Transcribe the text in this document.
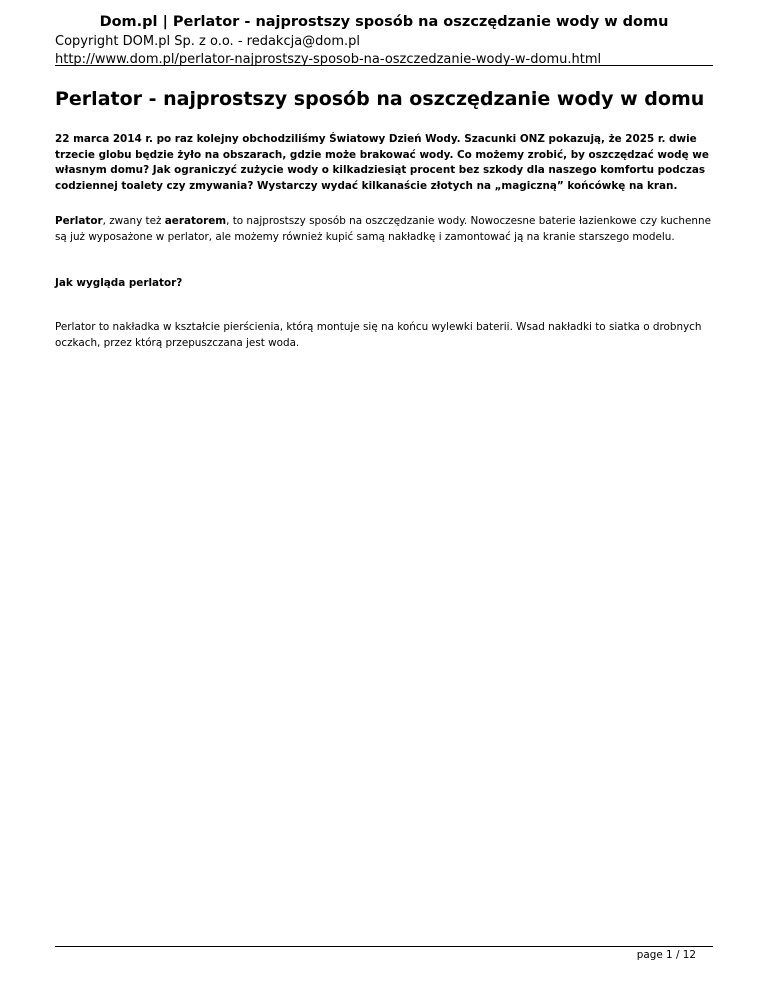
Dom.pl | Perlator - najprostszy sposób na oszczędzanie wody w domu
Copyright DOM.pl Sp. z o.o. - redakcja@dom.pl
http://www.dom.pl/perlator-najprostszy-sposob-na-oszczedzanie-wody-w-domu.html
Perlator - najprostszy sposób na oszczędzanie wody w domu

22 marca 2014 r. po raz kolejny obchodziliśmy Światowy Dzień Wody. Szacunki ONZ pokazują, że 2025 r. dwie trzecie globu będzie żyło na obszarach, gdzie może brakować wody. Co możemy zrobić, by oszczędzać wodę we własnym domu? Jak ograniczyć zużycie wody o kilkadziesiąt procent bez szkody dla naszego komfortu podczas codziennej toalety czy zmywania? Wystarczy wydać kilkanaście złotych na „magiczną” końcówkę na kran.

Perlator, zwany też aeratorem, to najprostszy sposób na oszczędzanie wody. Nowoczesne baterie łazienkowe czy kuchenne są już wyposażone w perlator, ale możemy również kupić samą nakładkę i zamontować ją na kranie starszego modelu.

Jak wygląda perlator?

Perlator to nakładka w kształcie pierścienia, którą montuje się na końcu wylewki baterii. Wsad nakładki to siatka o drobnych oczkach, przez którą przepuszczana jest woda.

page 1 / 12
